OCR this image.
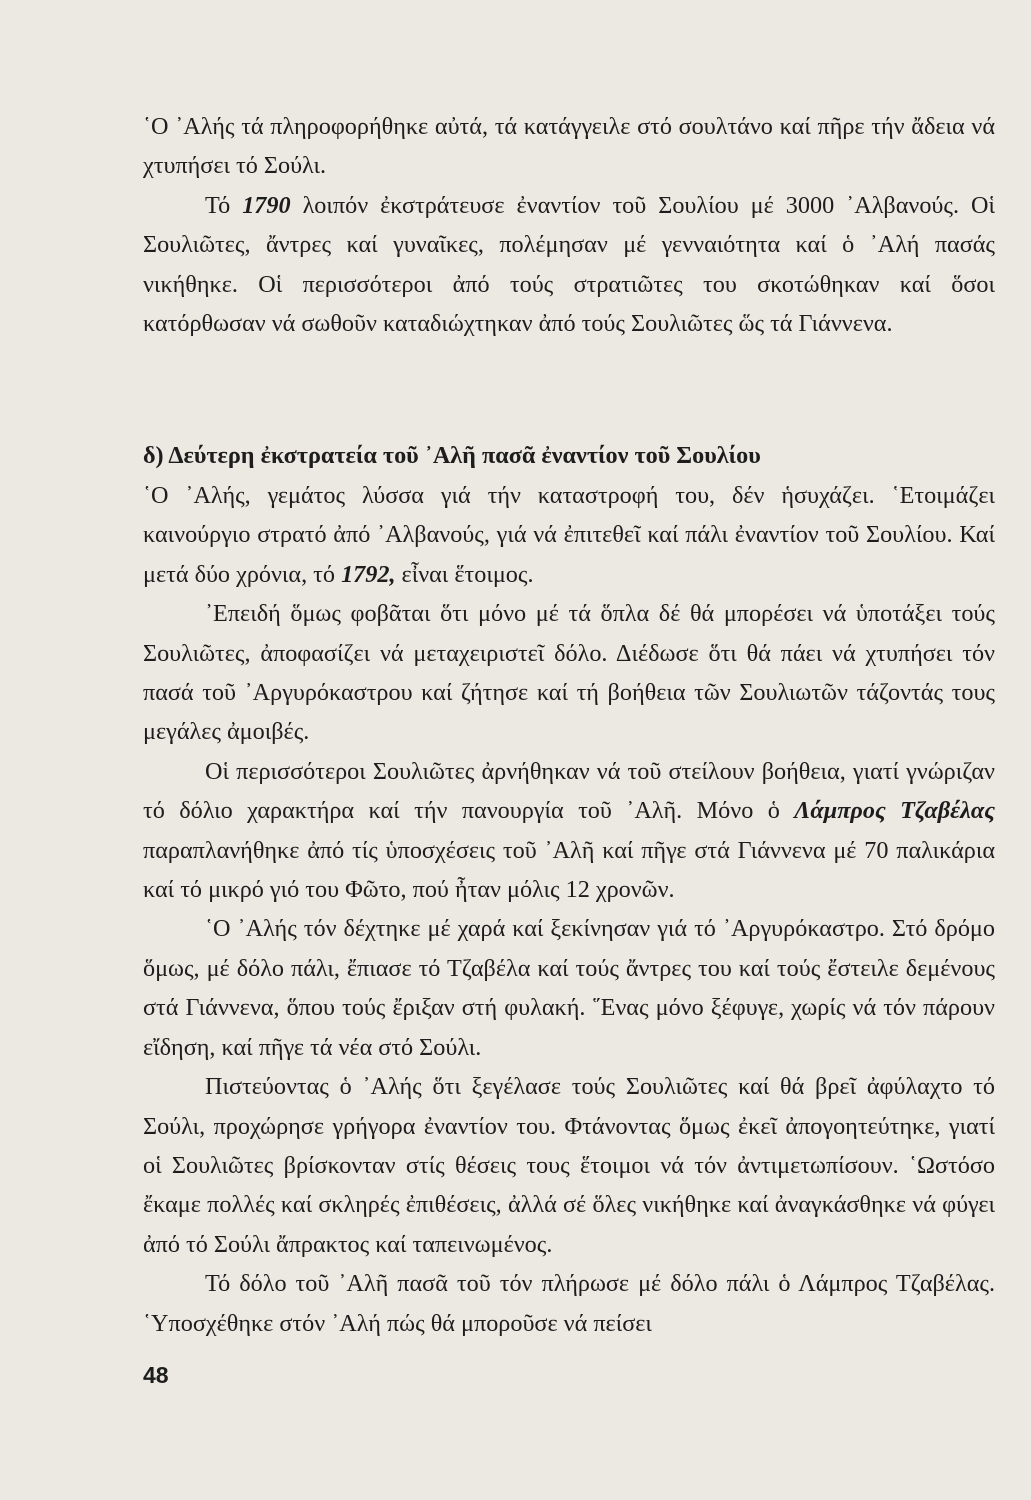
῾Ο ᾿Αλής τά πληροφορήθηκε αὐτά, τά κατάγγειλε στό σουλτάνο καί πῆρε τήν ἄδεια νά χτυπήσει τό Σούλι.

Τό 1790 λοιπόν ἐκστράτευσε ἐναντίον τοῦ Σουλίου μέ 3000 ᾿Αλβανούς. Οἱ Σουλιῶτες, ἄντρες καί γυναῖκες, πολέμησαν μέ γενναιότητα καί ὁ ᾿Αλή πασάς νικήθηκε. Οἱ περισσότεροι ἀπό τούς στρατιῶτες του σκοτώθηκαν καί ὅσοι κατόρθωσαν νά σωθοῦν καταδιώχτηκαν ἀπό τούς Σουλιῶτες ὥς τά Γιάννενα.

δ) Δεύτερη ἐκστρατεία τοῦ ᾿Αλῆ πασᾶ ἐναντίον τοῦ Σουλίου

῾Ο ᾿Αλής, γεμάτος λύσσα γιά τήν καταστροφή του, δέν ἡσυχάζει. ῾Ετοιμάζει καινούργιο στρατό ἀπό ᾿Αλβανούς, γιά νά ἐπιτεθεῖ καί πάλι ἐναντίον τοῦ Σουλίου. Καί μετά δύο χρόνια, τό 1792, εἶναι ἕτοιμος.

᾿Επειδή ὅμως φοβᾶται ὅτι μόνο μέ τά ὅπλα δέ θά μπορέσει νά ὑποτάξει τούς Σουλιῶτες, ἀποφασίζει νά μεταχειριστεῖ δόλο. Διέδωσε ὅτι θά πάει νά χτυπήσει τόν πασά τοῦ ᾿Αργυρόκαστρου καί ζήτησε καί τή βοήθεια τῶν Σουλιωτῶν τάζοντάς τους μεγάλες ἀμοιβές.

Οἱ περισσότεροι Σουλιῶτες ἀρνήθηκαν νά τοῦ στείλουν βοήθεια, γιατί γνώριζαν τό δόλιο χαρακτήρα καί τήν πανουργία τοῦ ᾿Αλῆ. Μόνο ὁ Λάμπρος Τζαβέλας παραπλανήθηκε ἀπό τίς ὑποσχέσεις τοῦ ᾿Αλῆ καί πῆγε στά Γιάννενα μέ 70 παλικάρια καί τό μικρό γιό του Φῶτο, πού ἦταν μόλις 12 χρονῶν.

῾Ο ᾿Αλής τόν δέχτηκε μέ χαρά καί ξεκίνησαν γιά τό ᾿Αργυρόκαστρο. Στό δρόμο ὅμως, μέ δόλο πάλι, ἔπιασε τό Τζαβέλα καί τούς ἄντρες του καί τούς ἔστειλε δεμένους στά Γιάννενα, ὅπου τούς ἔριξαν στή φυλακή. ῞Ενας μόνο ξέφυγε, χωρίς νά τόν πάρουν εἴδηση, καί πῆγε τά νέα στό Σούλι.

Πιστεύοντας ὁ ᾿Αλής ὅτι ξεγέλασε τούς Σουλιῶτες καί θά βρεῖ ἀφύλαχτο τό Σούλι, προχώρησε γρήγορα ἐναντίον του. Φτάνοντας ὅμως ἐκεῖ ἀπογοητεύτηκε, γιατί οἱ Σουλιῶτες βρίσκονταν στίς θέσεις τους ἕτοιμοι νά τόν ἀντιμετωπίσουν. ῾Ωστόσο ἔκαμε πολλές καί σκληρές ἐπιθέσεις, ἀλλά σέ ὅλες νικήθηκε καί ἀναγκάσθηκε νά φύγει ἀπό τό Σούλι ἄπρακτος καί ταπεινωμένος.

Τό δόλο τοῦ ᾿Αλῆ πασᾶ τοῦ τόν πλήρωσε μέ δόλο πάλι ὁ Λάμπρος Τζαβέλας. ῾Υποσχέθηκε στόν ᾿Αλή πώς θά μποροῦσε νά πείσει

48
